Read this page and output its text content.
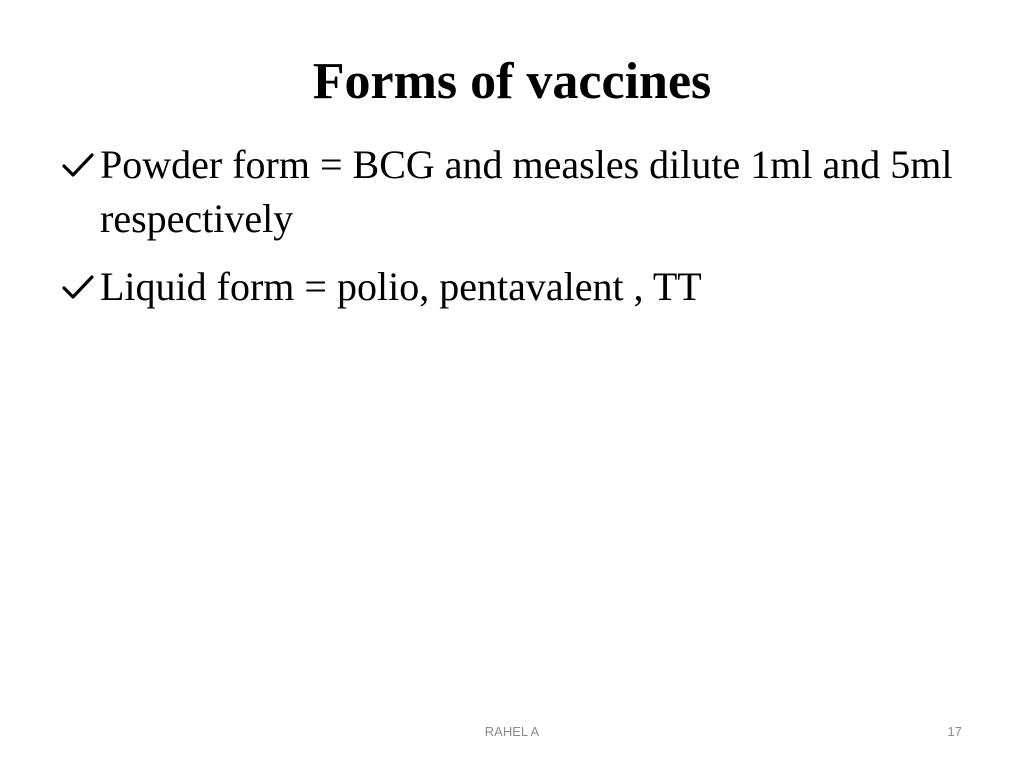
Forms of vaccines
Powder form = BCG and measles dilute 1ml and 5ml respectively
Liquid form = polio, pentavalent , TT
RAHEL A	17
